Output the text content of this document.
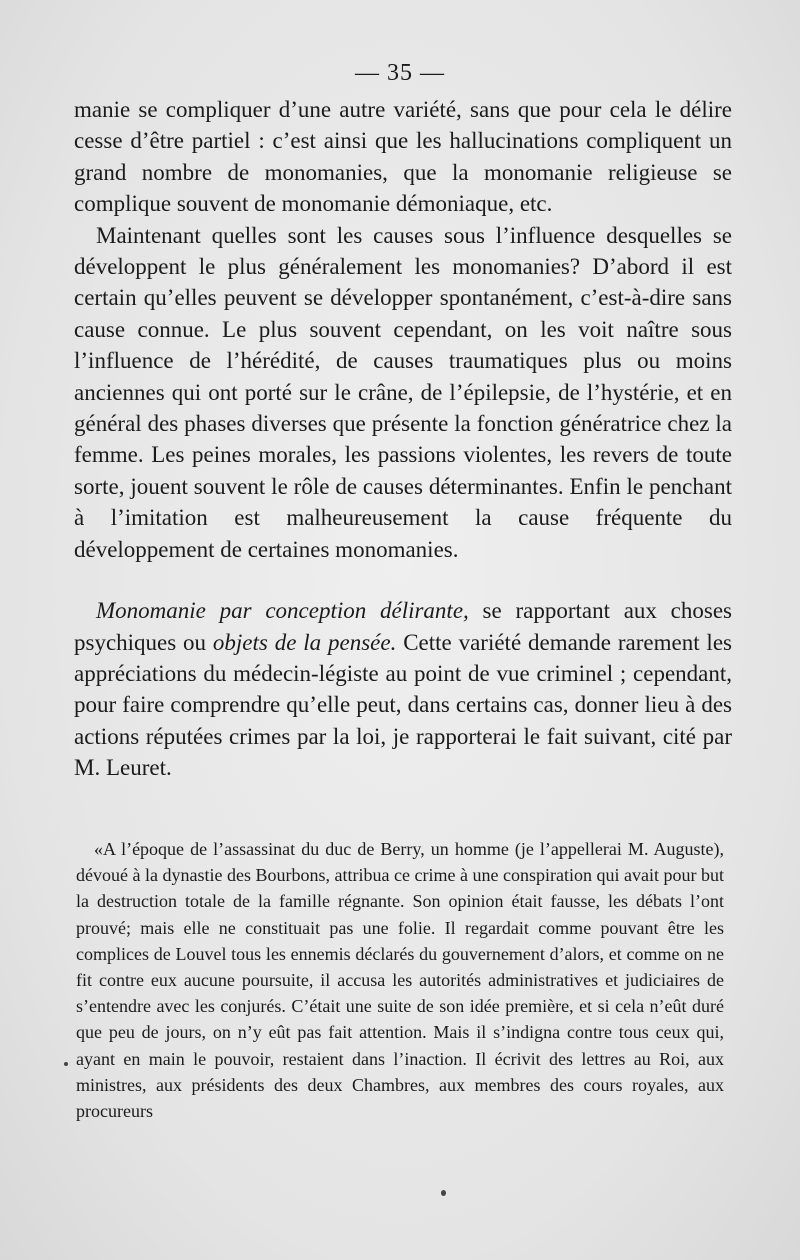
— 35 —

manie se compliquer d’une autre variété, sans que pour cela le délire cesse d’être partiel : c’est ainsi que les hallucinations compliquent un grand nombre de monomanies, que la monomanie religieuse se complique souvent de monomanie démoniaque, etc.

Maintenant quelles sont les causes sous l’influence desquelles se développent le plus généralement les monomanies? D’abord il est certain qu’elles peuvent se développer spontanément, c’est-à-dire sans cause connue. Le plus souvent cependant, on les voit naître sous l’influence de l’hérédité, de causes traumatiques plus ou moins anciennes qui ont porté sur le crâne, de l’épilepsie, de l’hystérie, et en général des phases diverses que présente la fonction génératrice chez la femme. Les peines morales, les passions violentes, les revers de toute sorte, jouent souvent le rôle de causes déterminantes. Enfin le penchant à l’imitation est malheureusement la cause fréquente du développement de certaines monomanies.

Monomanie par conception délirante, se rapportant aux choses psychiques ou objets de la pensée. Cette variété demande rarement les appréciations du médecin-légiste au point de vue criminel ; cependant, pour faire comprendre qu’elle peut, dans certains cas, donner lieu à des actions réputées crimes par la loi, je rapporterai le fait suivant, cité par M. Leuret.

«A l’époque de l’assassinat du duc de Berry, un homme (je l’appellerai M. Auguste), dévoué à la dynastie des Bourbons, attribua ce crime à une conspiration qui avait pour but la destruction totale de la famille régnante. Son opinion était fausse, les débats l’ont prouvé; mais elle ne constituait pas une folie. Il regardait comme pouvant être les complices de Louvel tous les ennemis déclarés du gouvernement d’alors, et comme on ne fit contre eux aucune poursuite, il accusa les autorités administratives et judiciaires de s’entendre avec les conjurés. C’était une suite de son idée première, et si cela n’eût duré que peu de jours, on n’y eût pas fait attention. Mais il s’indigna contre tous ceux qui, ayant en main le pouvoir, restaient dans l’inaction. Il écrivit des lettres au Roi, aux ministres, aux présidents des deux Chambres, aux membres des cours royales, aux procureurs
